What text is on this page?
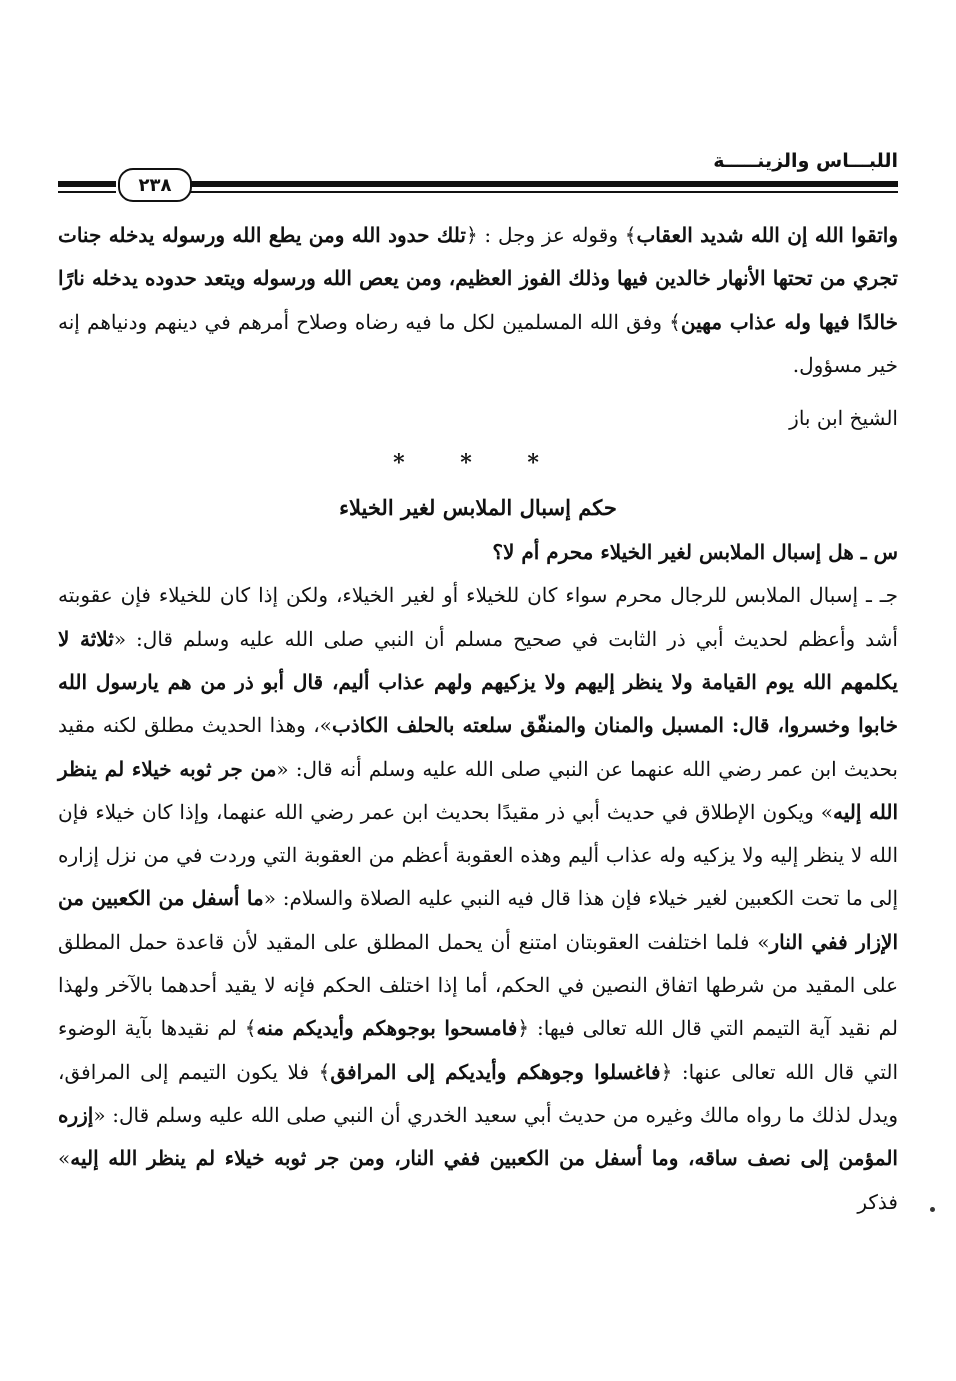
اللبـــاس والزينـــــة
٢٣٨

واتقوا الله إن الله شديد العقاب﴾ وقوله عز وجل : ﴿تلك حدود الله ومن يطع الله ورسوله يدخله جنات تجري من تحتها الأنهار خالدين فيها وذلك الفوز العظيم، ومن يعص الله ورسوله ويتعد حدوده يدخله نارًا خالدًا فيها وله عذاب مهين﴾ وفق الله المسلمين لكل ما فيه رضاه وصلاح أمرهم في دينهم ودنياهم إنه خير مسؤول.

الشيخ ابن باز

* * *

حكم إسبال الملابس لغير الخيلاء

س ـ هل إسبال الملابس لغير الخيلاء محرم أم لا؟

جـ ـ إسبال الملابس للرجال محرم سواء كان للخيلاء أو لغير الخيلاء، ولكن إذا كان للخيلاء فإن عقوبته أشد وأعظم لحديث أبي ذر الثابت في صحيح مسلم أن النبي صلى الله عليه وسلم قال: «ثلاثة لا يكلمهم الله يوم القيامة ولا ينظر إليهم ولا يزكيهم ولهم عذاب أليم، قال أبو ذر من هم يارسول الله خابوا وخسروا، قال: المسبل والمنان والمنفّق سلعته بالحلف الكاذب»، وهذا الحديث مطلق لكنه مقيد بحديث ابن عمر رضي الله عنهما عن النبي صلى الله عليه وسلم أنه قال: «من جر ثوبه خيلاء لم ينظر الله إليه» ويكون الإطلاق في حديث أبي ذر مقيدًا بحديث ابن عمر رضي الله عنهما، وإذا كان خيلاء فإن الله لا ينظر إليه ولا يزكيه وله عذاب أليم وهذه العقوبة أعظم من العقوبة التي وردت في من نزل إزاره إلى ما تحت الكعبين لغير خيلاء فإن هذا قال فيه النبي عليه الصلاة والسلام: «ما أسفل من الكعبين من الإزار ففي النار» فلما اختلفت العقوبتان امتنع أن يحمل المطلق على المقيد لأن قاعدة حمل المطلق على المقيد من شرطها اتفاق النصين في الحكم، أما إذا اختلف الحكم فإنه لا يقيد أحدهما بالآخر ولهذا لم نقيد آية التيمم التي قال الله تعالى فيها: ﴿فامسحوا بوجوهكم وأيديكم منه﴾ لم نقيدها بآية الوضوء التي قال الله تعالى عنها: ﴿فاغسلوا وجوهكم وأيديكم إلى المرافق﴾ فلا يكون التيمم إلى المرافق، ويدل لذلك ما رواه مالك وغيره من حديث أبي سعيد الخدري أن النبي صلى الله عليه وسلم قال: «إزره المؤمن إلى نصف ساقه، وما أسفل من الكعبين ففي النار، ومن جر ثوبه خيلاء لم ينظر الله إليه» فذكر
